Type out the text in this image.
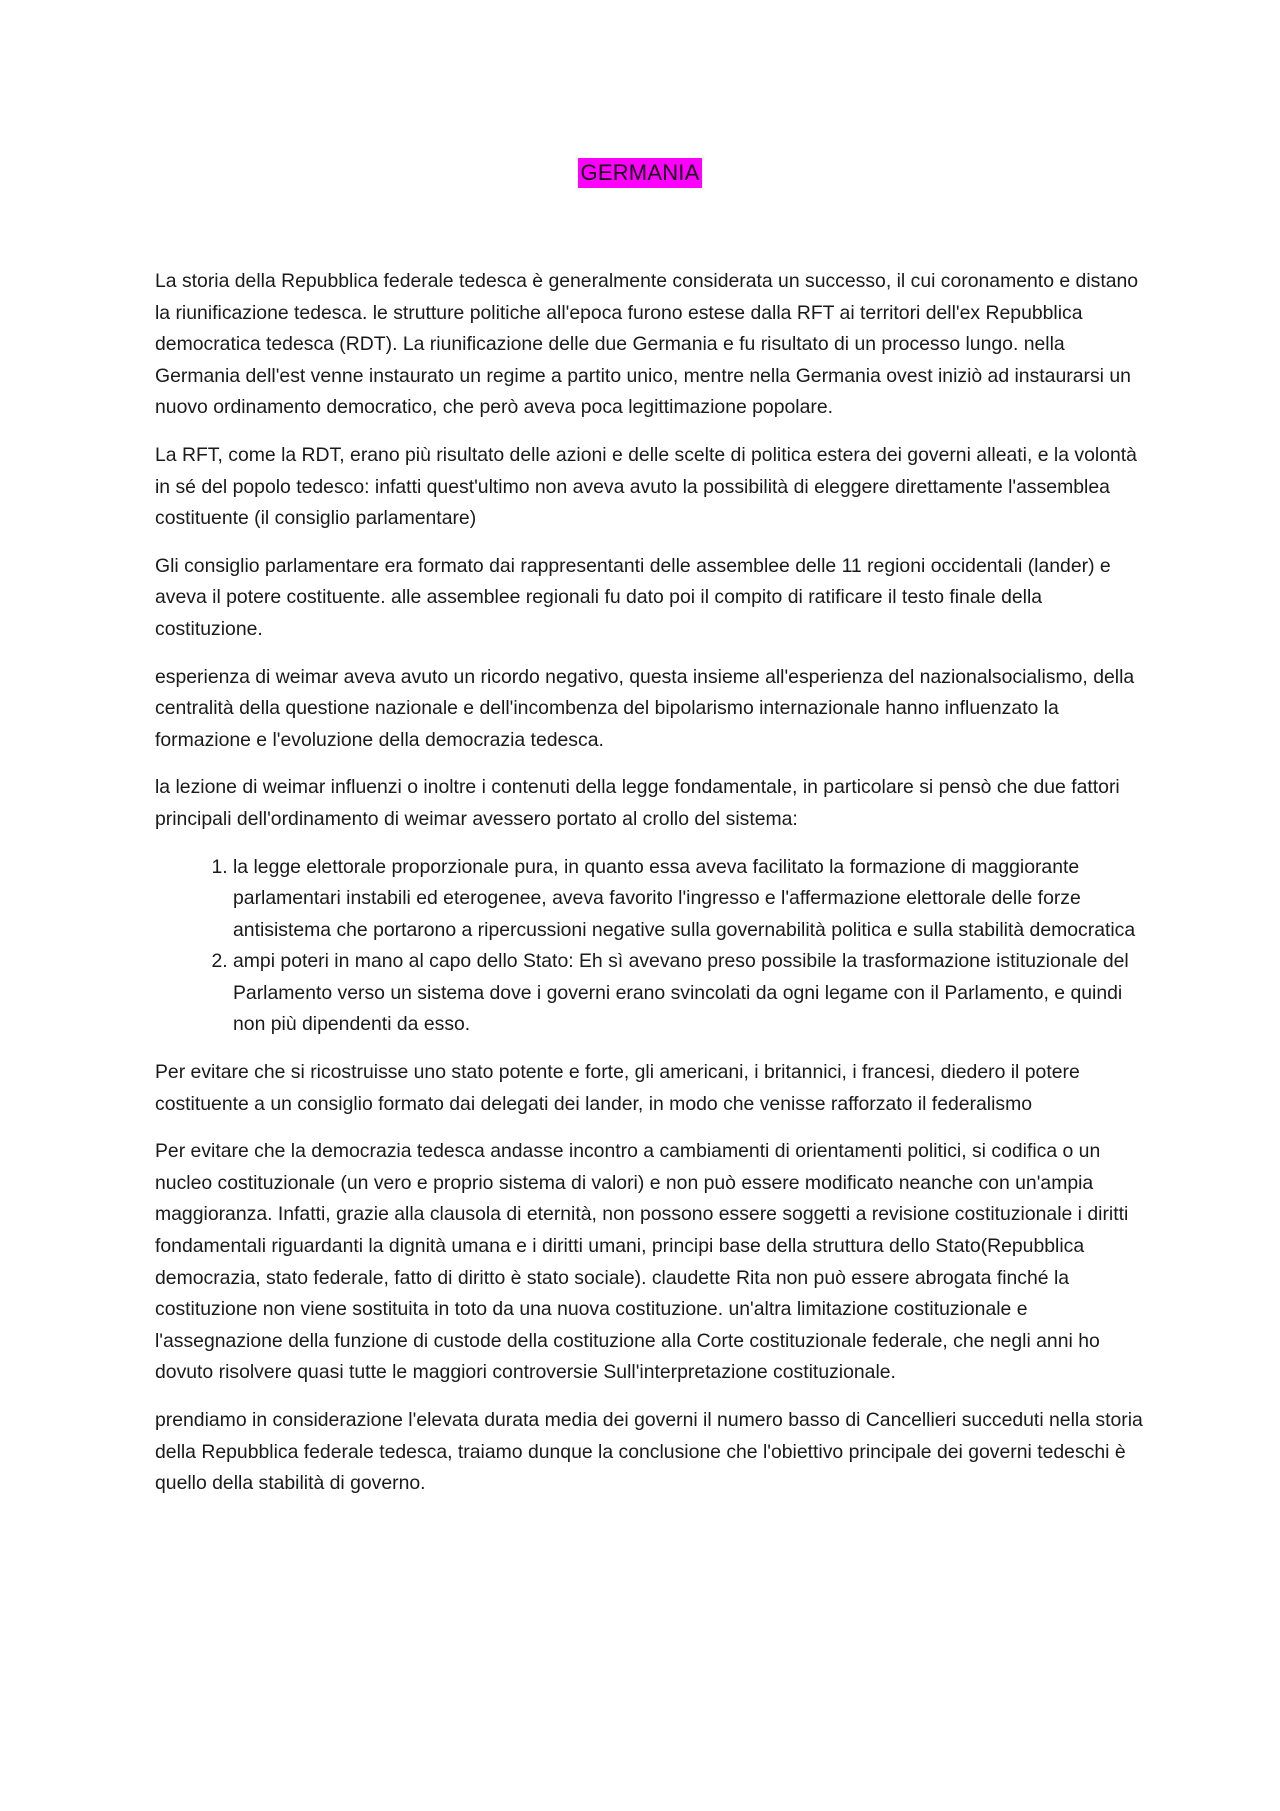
GERMANIA

La storia della Repubblica federale tedesca è generalmente considerata un successo, il cui coronamento e distano la riunificazione tedesca. le strutture politiche all'epoca furono estese dalla RFT ai territori dell'ex Repubblica democratica tedesca (RDT). La riunificazione delle due Germania e fu risultato di un processo lungo. nella Germania dell'est venne instaurato un regime a partito unico, mentre nella Germania ovest iniziò ad instaurarsi un nuovo ordinamento democratico, che però aveva poca legittimazione popolare.

La RFT, come la RDT, erano più risultato delle azioni e delle scelte di politica estera dei governi alleati, e la volontà in sé del popolo tedesco: infatti quest'ultimo non aveva avuto la possibilità di eleggere direttamente l'assemblea costituente (il consiglio parlamentare)

Gli consiglio parlamentare era formato dai rappresentanti delle assemblee delle 11 regioni occidentali (lander) e aveva il potere costituente. alle assemblee regionali fu dato poi il compito di ratificare il testo finale della costituzione.

esperienza di weimar aveva avuto un ricordo negativo, questa insieme all'esperienza del nazionalsocialismo, della centralità della questione nazionale e dell'incombenza del bipolarismo internazionale hanno influenzato la formazione e l'evoluzione della democrazia tedesca.

la lezione di weimar influenzi o inoltre i contenuti della legge fondamentale, in particolare si pensò che due fattori principali dell'ordinamento di weimar avessero portato al crollo del sistema:

1. la legge elettorale proporzionale pura, in quanto essa aveva facilitato la formazione di maggiorante parlamentari instabili ed eterogenee, aveva favorito l'ingresso e l'affermazione elettorale delle forze antisistema che portarono a ripercussioni negative sulla governabilità politica e sulla stabilità democratica
2. ampi poteri in mano al capo dello Stato: Eh sì avevano preso possibile la trasformazione istituzionale del Parlamento verso un sistema dove i governi erano svincolati da ogni legame con il Parlamento, e quindi non più dipendenti da esso.

Per evitare che si ricostruisse uno stato potente e forte, gli americani, i britannici, i francesi, diedero il potere costituente a un consiglio formato dai delegati dei lander, in modo che venisse rafforzato il federalismo

Per evitare che la democrazia tedesca andasse incontro a cambiamenti di orientamenti politici, si codifica o un nucleo costituzionale (un vero e proprio sistema di valori) e non può essere modificato neanche con un'ampia maggioranza. Infatti, grazie alla clausola di eternità, non possono essere soggetti a revisione costituzionale i diritti fondamentali riguardanti la dignità umana e i diritti umani, principi base della struttura dello Stato(Repubblica democrazia, stato federale, fatto di diritto è stato sociale). claudette Rita non può essere abrogata finché la costituzione non viene sostituita in toto da una nuova costituzione. un'altra limitazione costituzionale e l'assegnazione della funzione di custode della costituzione alla Corte costituzionale federale, che negli anni ho dovuto risolvere quasi tutte le maggiori controversie Sull'interpretazione costituzionale.

prendiamo in considerazione l'elevata durata media dei governi il numero basso di Cancellieri succeduti nella storia della Repubblica federale tedesca, traiamo dunque la conclusione che l'obiettivo principale dei governi tedeschi è quello della stabilità di governo.
